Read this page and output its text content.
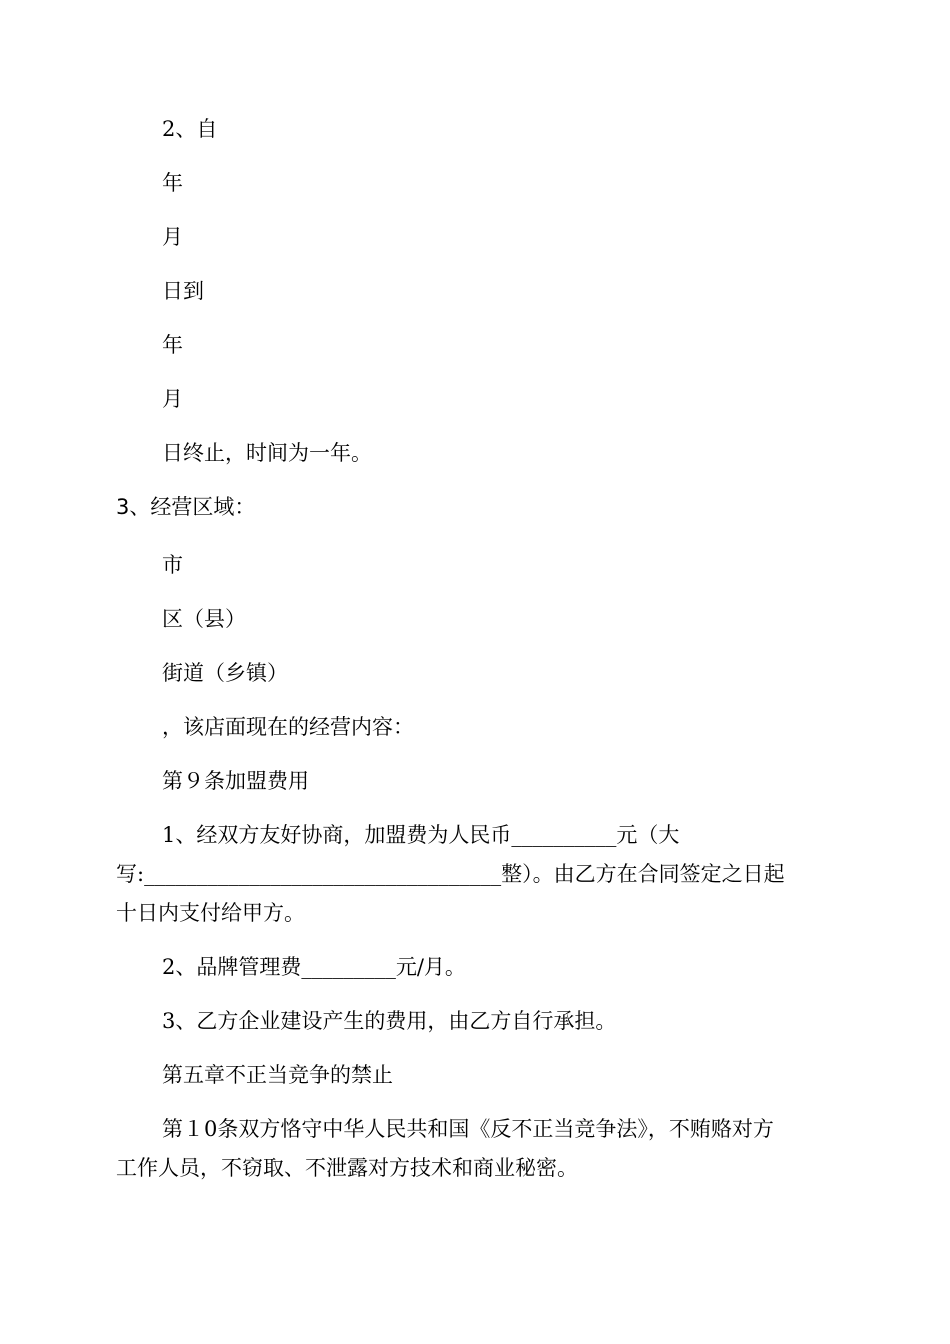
2、自

年

月

日到

年

月

日终止，时间为一年。

3、经营区域：

市

区（县）

街道（乡镇）

，该店面现在的经营内容：

第９条加盟费用

1、经双方友好协商，加盟费为人民币__________元（大

写:__________________________________整）。由乙方在合同签定之日起

十日内支付给甲方。

2、品牌管理费_________元/月。

3、乙方企业建设产生的费用，由乙方自行承担。

第五章不正当竞争的禁止

第１0条双方恪守中华人民共和国《反不正当竞争法》，不贿赂对方

工作人员，不窃取、不泄露对方技术和商业秘密。
